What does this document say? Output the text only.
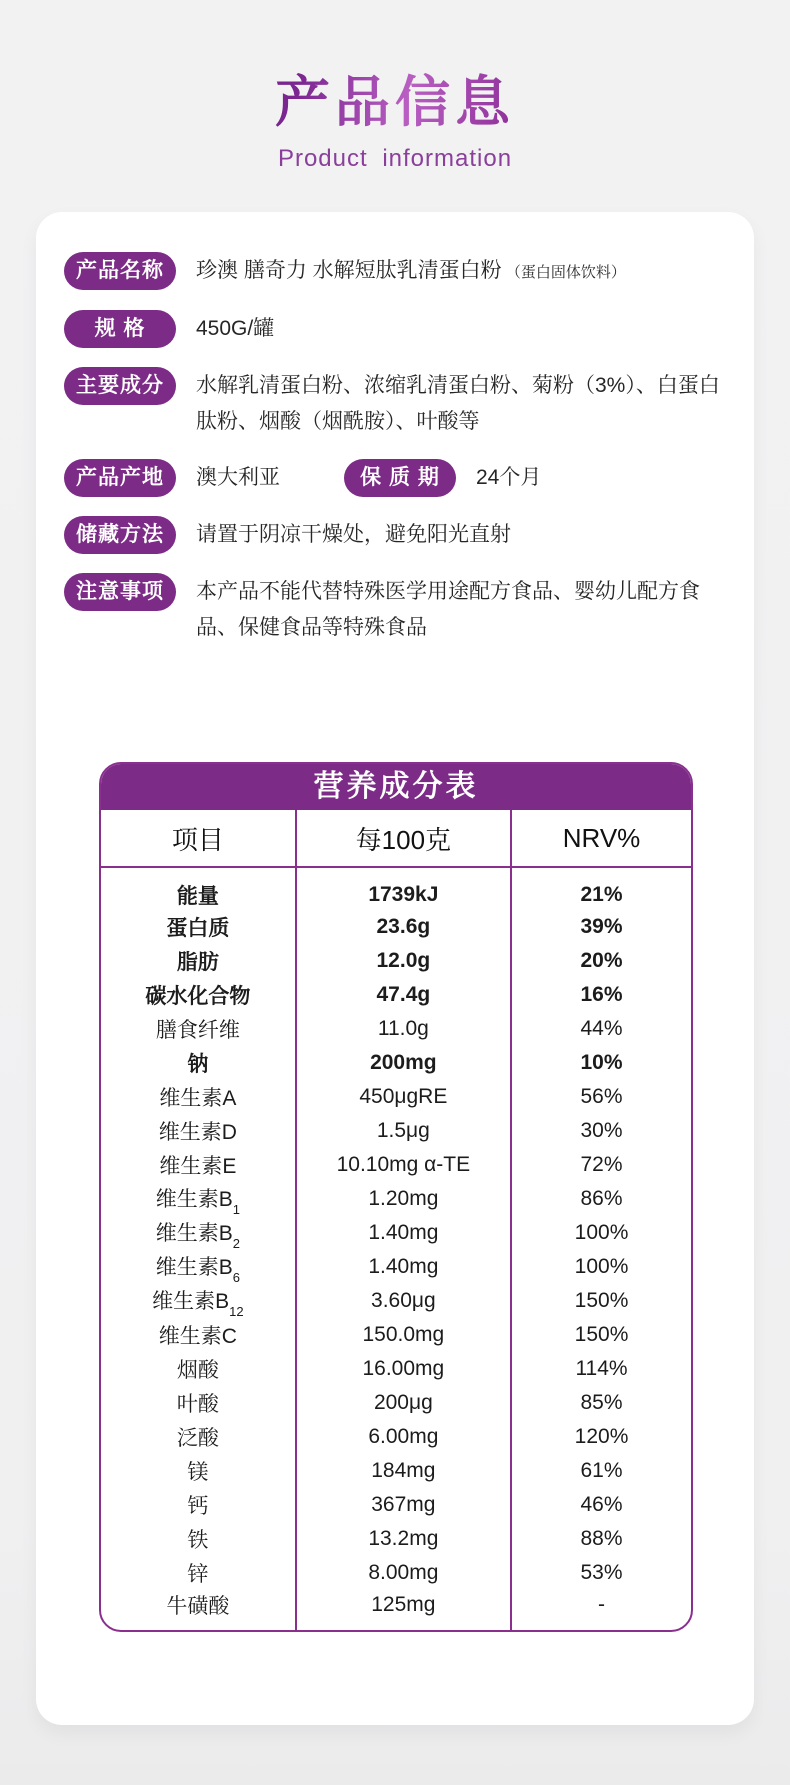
产品信息
Product information
产品名称	珍澳 膳奇力 水解短肽乳清蛋白粉 （蛋白固体饮料）
规 格	450G/罐
主要成分	水解乳清蛋白粉、浓缩乳清蛋白粉、菊粉（3%）、白蛋白肽粉、烟酸（烟酰胺）、叶酸等
产品产地	澳大利亚	保 质 期	24个月
储藏方法	请置于阴凉干燥处，避免阳光直射
注意事项	本产品不能代替特殊医学用途配方食品、婴幼儿配方食品、保健食品等特殊食品
营养成分表
项目	每100克	NRV%
能量	1739kJ	21%
蛋白质	23.6g	39%
脂肪	12.0g	20%
碳水化合物	47.4g	16%
膳食纤维	11.0g	44%
钠	200mg	10%
维生素A	450μgRE	56%
维生素D	1.5μg	30%
维生素E	10.10mg α-TE	72%
维生素$B_1$	1.20mg	86%
维生素$B_2$	1.40mg	100%
维生素$B_6$	1.40mg	100%
维生素$B_{12}$	3.60μg	150%
维生素C	150.0mg	150%
烟酸	16.00mg	114%
叶酸	200μg	85%
泛酸	6.00mg	120%
镁	184mg	61%
钙	367mg	46%
铁	13.2mg	88%
锌	8.00mg	53%
牛磺酸	125mg	-
